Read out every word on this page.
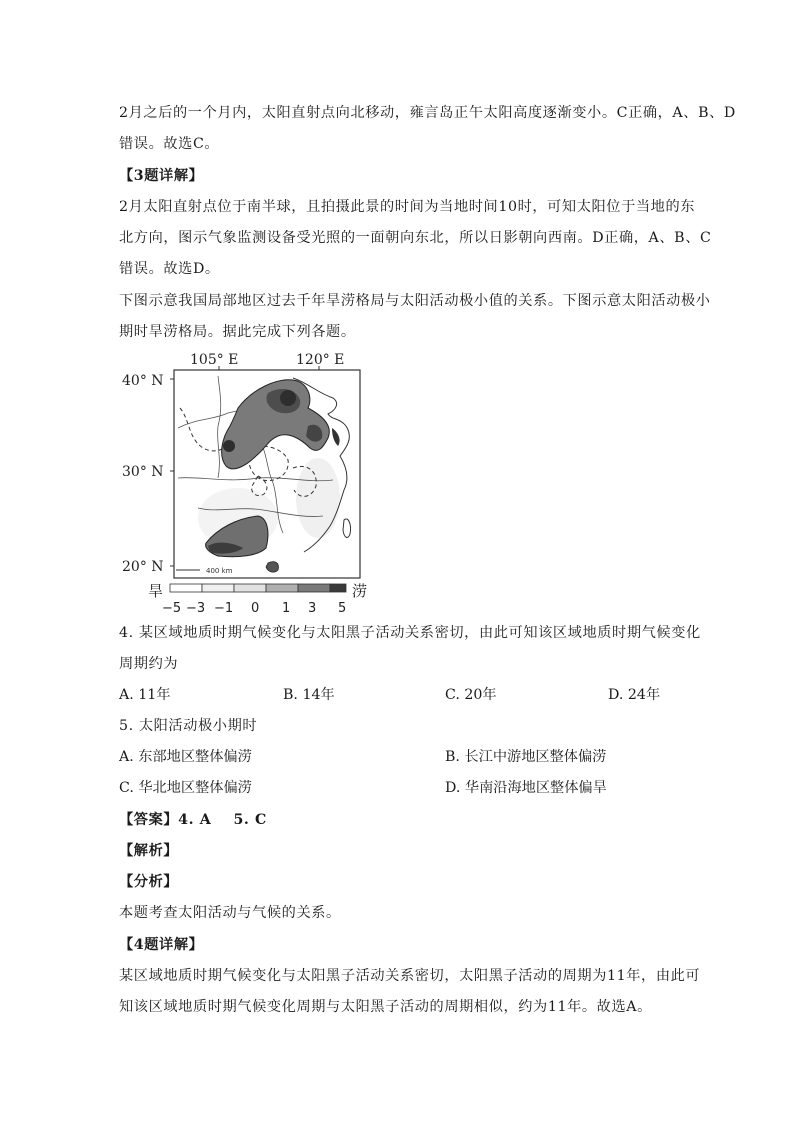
2月之后的一个月内，太阳直射点向北移动，雍言岛正午太阳高度逐渐变小。C正确，A、B、D
错误。故选C。
【3题详解】
2月太阳直射点位于南半球，且拍摄此景的时间为当地时间10时，可知太阳位于当地的东
北方向，图示气象监测设备受光照的一面朝向东北，所以日影朝向西南。D正确，A、B、C
错误。故选D。
下图示意我国局部地区过去千年旱涝格局与太阳活动极小值的关系。下图示意太阳活动极小
期时旱涝格局。据此完成下列各题。
105° E	120° E
40° N
30° N
20° N	400 km
旱	涝
−5 −3 −1 0 1 3 5
4. 某区域地质时期气候变化与太阳黑子活动关系密切，由此可知该区域地质时期气候变化
周期约为
A. 11年	B. 14年	C. 20年	D. 24年
5. 太阳活动极小期时
A. 东部地区整体偏涝	B. 长江中游地区整体偏涝
C. 华北地区整体偏涝	D. 华南沿海地区整体偏旱
【答案】4. A    5. C
【解析】
【分析】
本题考查太阳活动与气候的关系。
【4题详解】
某区域地质时期气候变化与太阳黑子活动关系密切，太阳黑子活动的周期为11年，由此可
知该区域地质时期气候变化周期与太阳黑子活动的周期相似，约为11年。故选A。
